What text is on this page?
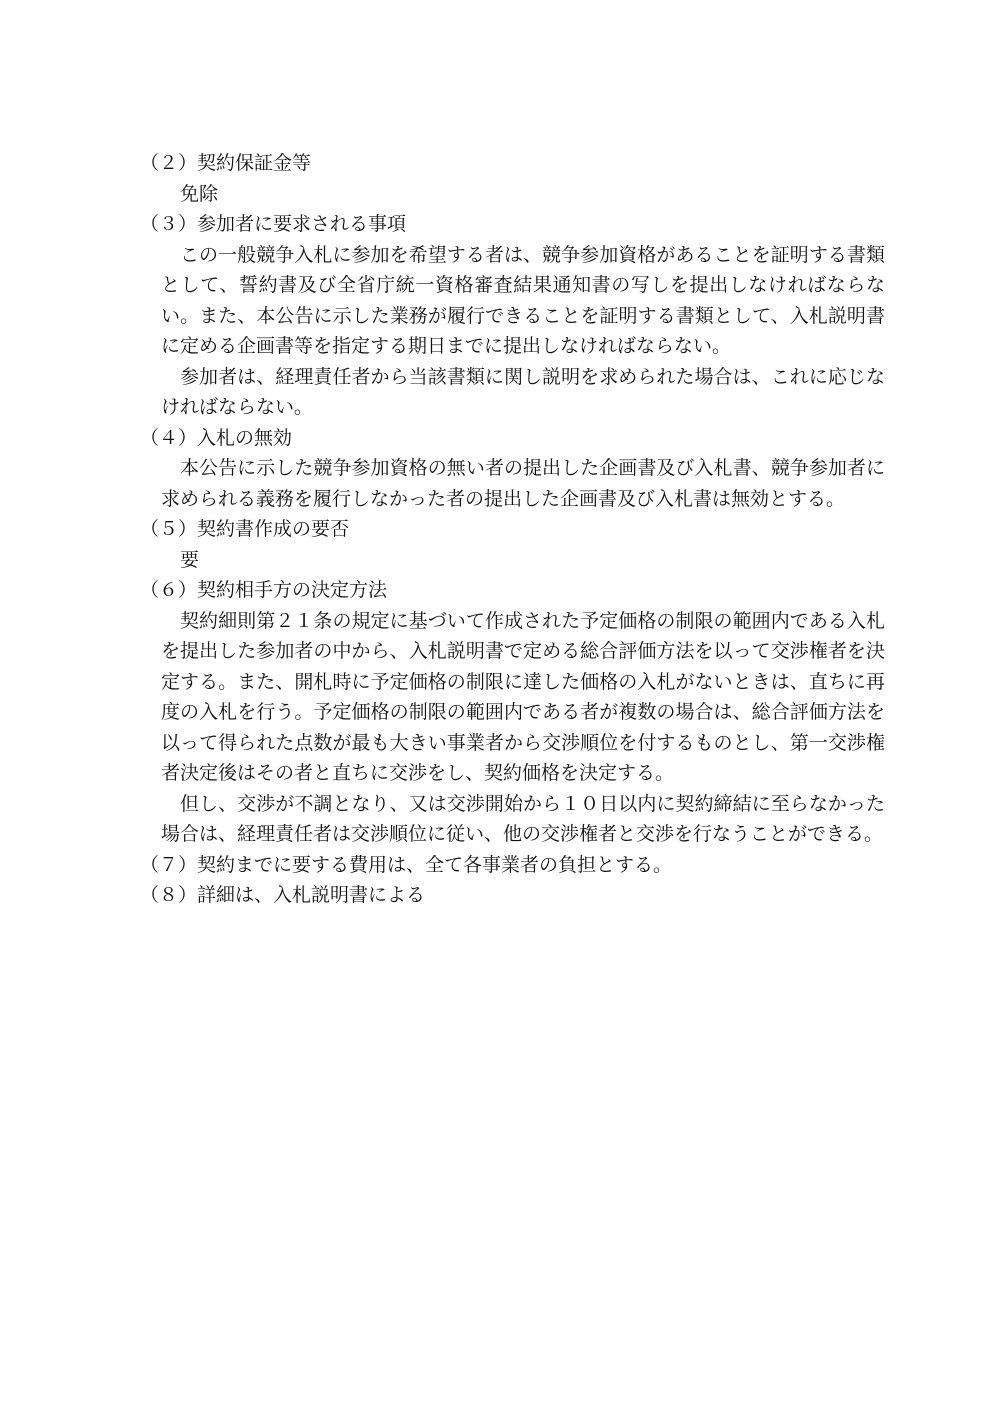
（２）契約保証金等
免除
（３）参加者に要求される事項
この一般競争入札に参加を希望する者は、競争参加資格があることを証明する書類として、誓約書及び全省庁統一資格審査結果通知書の写しを提出しなければならない。また、本公告に示した業務が履行できることを証明する書類として、入札説明書に定める企画書等を指定する期日までに提出しなければならない。
参加者は、経理責任者から当該書類に関し説明を求められた場合は、これに応じなければならない。
（４）入札の無効
本公告に示した競争参加資格の無い者の提出した企画書及び入札書、競争参加者に求められる義務を履行しなかった者の提出した企画書及び入札書は無効とする。
（５）契約書作成の要否
要
（６）契約相手方の決定方法
契約細則第２１条の規定に基づいて作成された予定価格の制限の範囲内である入札を提出した参加者の中から、入札説明書で定める総合評価方法を以って交渉権者を決定する。また、開札時に予定価格の制限に達した価格の入札がないときは、直ちに再度の入札を行う。予定価格の制限の範囲内である者が複数の場合は、総合評価方法を以って得られた点数が最も大きい事業者から交渉順位を付するものとし、第一交渉権者決定後はその者と直ちに交渉をし、契約価格を決定する。
但し、交渉が不調となり、又は交渉開始から１０日以内に契約締結に至らなかった場合は、経理責任者は交渉順位に従い、他の交渉権者と交渉を行なうことができる。
（７）契約までに要する費用は、全て各事業者の負担とする。
（８）詳細は、入札説明書による
